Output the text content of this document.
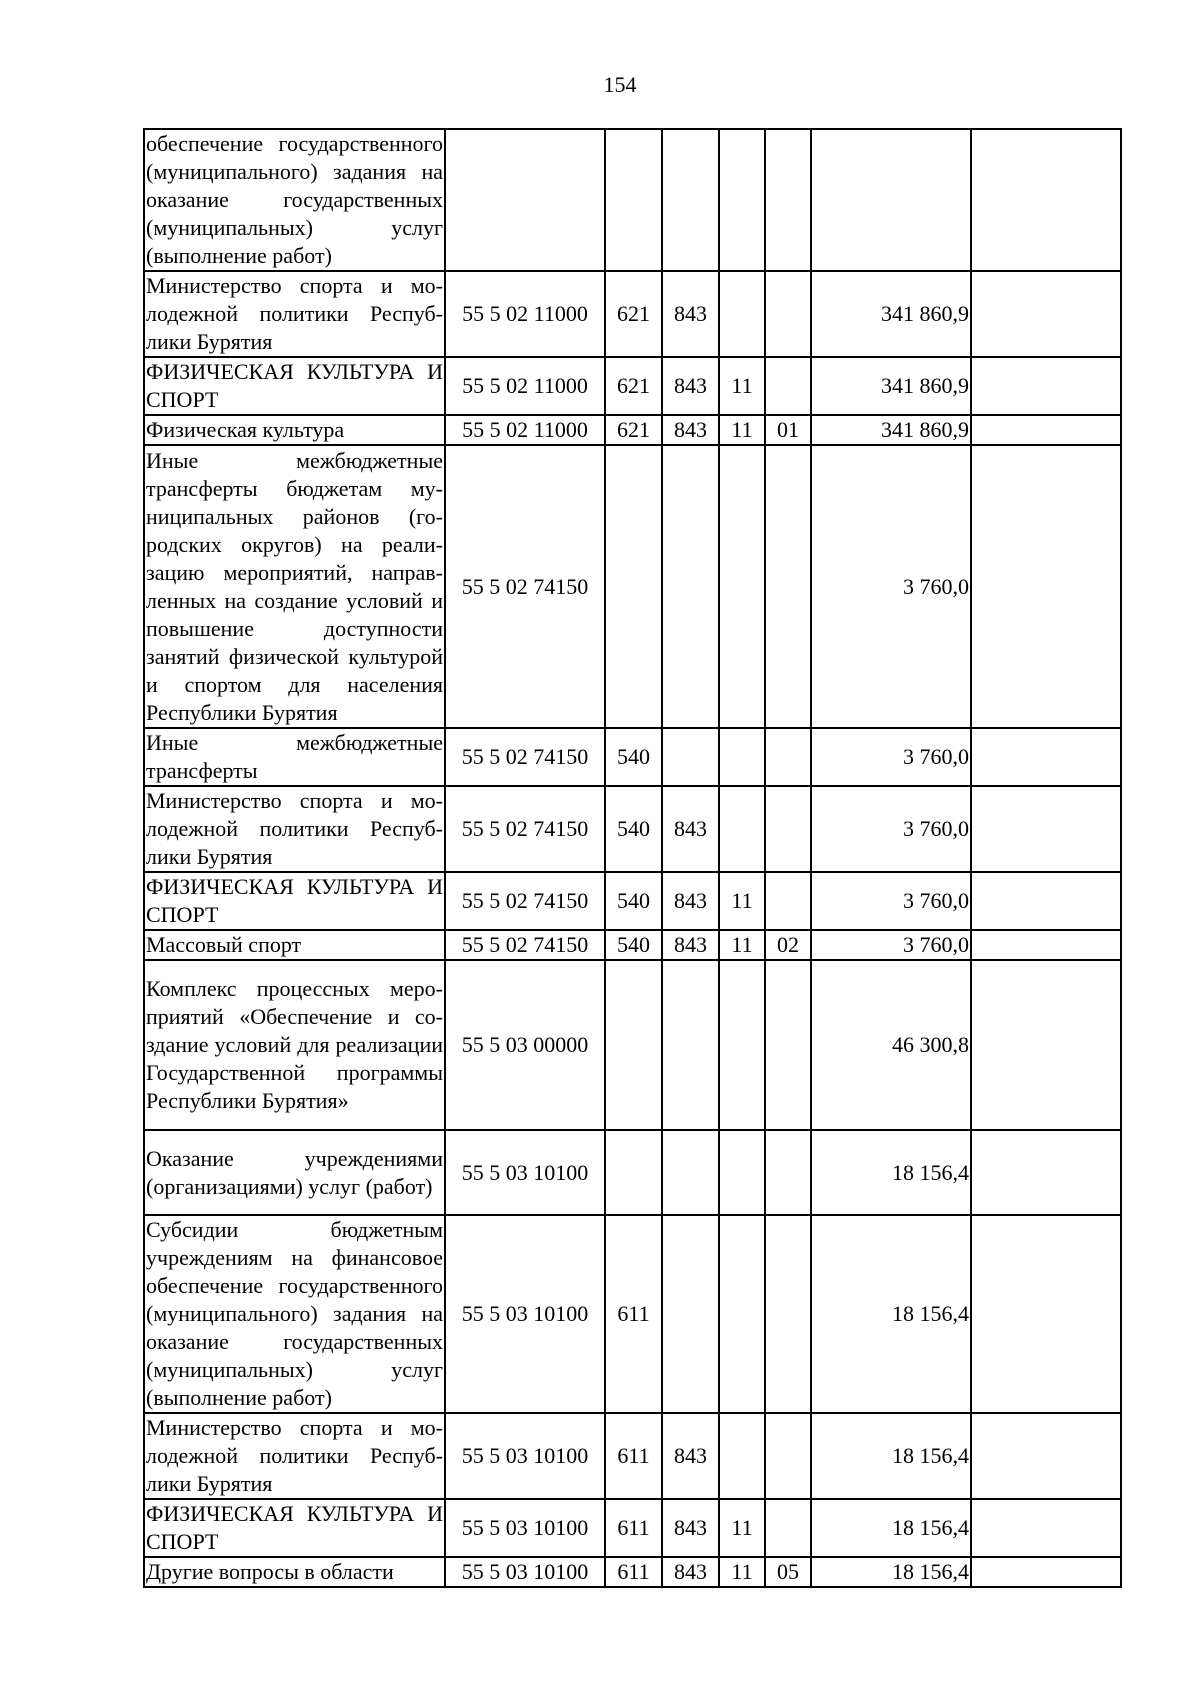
154
обеспечение государственного (муниципального) задания на оказание государственных (муниципальных) услуг (выполнение работ)							
Министерство спорта и молодежной политики Республики Бурятия	55 5 02 11000	621	843			341 860,9	
ФИЗИЧЕСКАЯ КУЛЬТУРА И СПОРТ	55 5 02 11000	621	843	11		341 860,9	
Физическая культура	55 5 02 11000	621	843	11	01	341 860,9	
Иные межбюджетные трансферты бюджетам муниципальных районов (городских округов) на реализацию мероприятий, направленных на создание условий и повышение доступности занятий физической культурой и спортом для населения Республики Бурятия	55 5 02 74150					3 760,0	
Иные межбюджетные трансферты	55 5 02 74150	540				3 760,0	
Министерство спорта и молодежной политики Республики Бурятия	55 5 02 74150	540	843			3 760,0	
ФИЗИЧЕСКАЯ КУЛЬТУРА И СПОРТ	55 5 02 74150	540	843	11		3 760,0	
Массовый спорт	55 5 02 74150	540	843	11	02	3 760,0	
Комплекс процессных мероприятий «Обеспечение и создание условий для реализации Государственной программы Республики Бурятия»	55 5 03 00000					46 300,8	
Оказание учреждениями (организациями) услуг (работ)	55 5 03 10100					18 156,4	
Субсидии бюджетным учреждениям на финансовое обеспечение государственного (муниципального) задания на оказание государственных (муниципальных) услуг (выполнение работ)	55 5 03 10100	611				18 156,4	
Министерство спорта и молодежной политики Республики Бурятия	55 5 03 10100	611	843			18 156,4	
ФИЗИЧЕСКАЯ КУЛЬТУРА И СПОРТ	55 5 03 10100	611	843	11		18 156,4	
Другие вопросы в области	55 5 03 10100	611	843	11	05	18 156,4	
